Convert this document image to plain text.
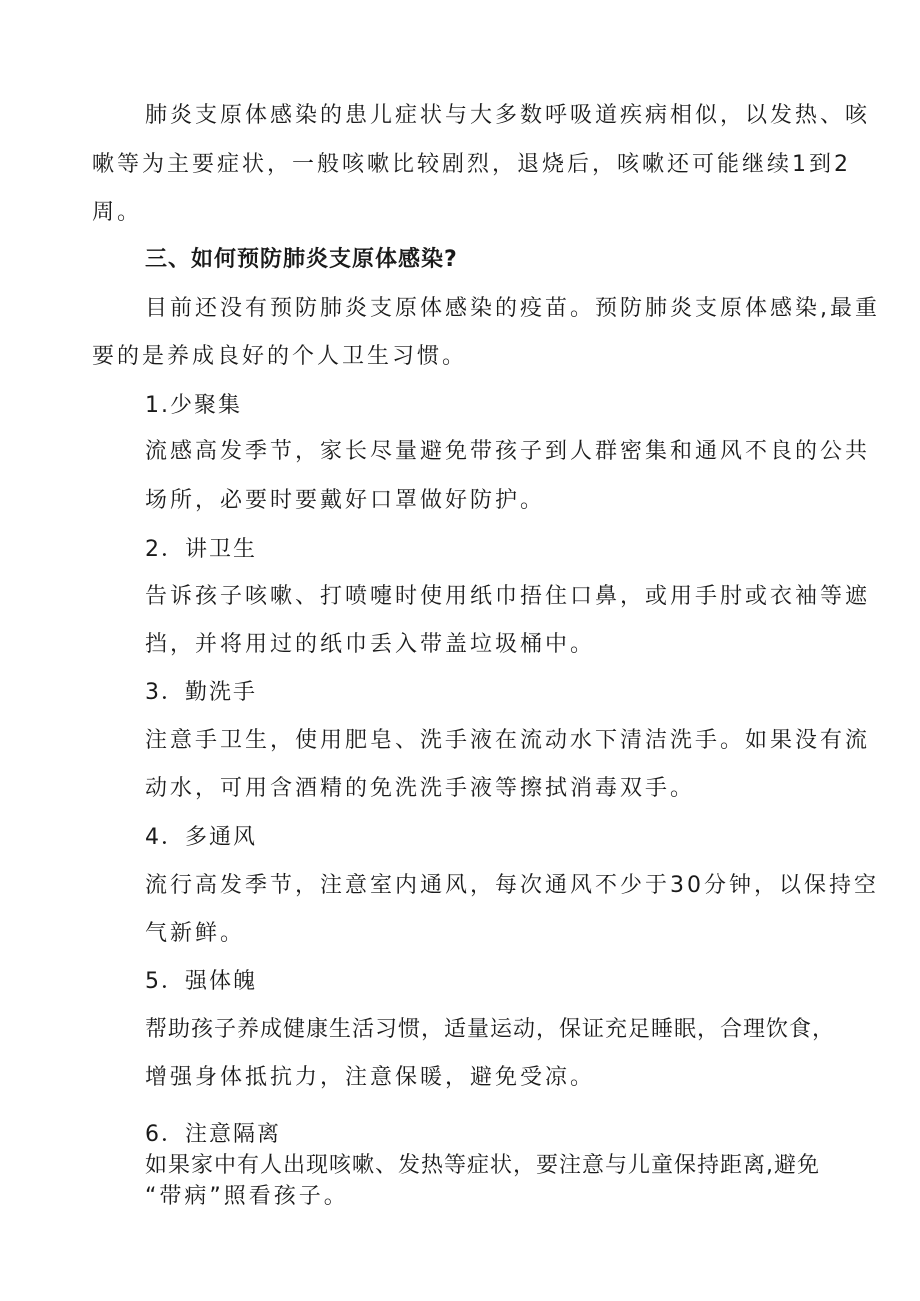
肺炎支原体感染的患儿症状与大多数呼吸道疾病相似，以发热、咳

嗽等为主要症状，一般咳嗽比较剧烈，退烧后，咳嗽还可能继续1到2

周。

三、如何预防肺炎支原体感染?

目前还没有预防肺炎支原体感染的疫苗。预防肺炎支原体感染,最重

要的是养成良好的个人卫生习惯。

1.少聚集

流感高发季节，家长尽量避免带孩子到人群密集和通风不良的公共

场所，必要时要戴好口罩做好防护。

2．讲卫生

告诉孩子咳嗽、打喷嚏时使用纸巾捂住口鼻，或用手肘或衣袖等遮

挡，并将用过的纸巾丢入带盖垃圾桶中。

3．勤洗手

注意手卫生，使用肥皂、洗手液在流动水下清洁洗手。如果没有流

动水，可用含酒精的免洗洗手液等擦拭消毒双手。

4．多通风

流行高发季节，注意室内通风，每次通风不少于30分钟，以保持空

气新鲜。

5．强体魄

帮助孩子养成健康生活习惯，适量运动，保证充足睡眠，合理饮食，

增强身体抵抗力，注意保暖，避免受凉。

6．注意隔离

如果家中有人出现咳嗽、发热等症状，要注意与儿童保持距离,避免

“带病”照看孩子。
